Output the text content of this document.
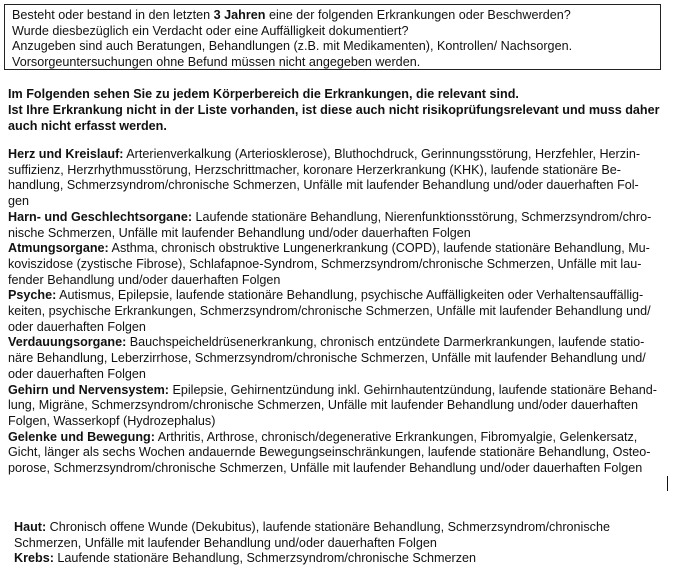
Besteht oder bestand in den letzten 3 Jahren eine der folgenden Erkrankungen oder Beschwerden?
Wurde diesbezüglich ein Verdacht oder eine Auffälligkeit dokumentiert?
Anzugeben sind auch Beratungen, Behandlungen (z.B. mit Medikamenten), Kontrollen/ Nachsorgen.
Vorsorgeuntersuchungen ohne Befund müssen nicht angegeben werden.
Im Folgenden sehen Sie zu jedem Körperbereich die Erkrankungen, die relevant sind.
Ist Ihre Erkrankung nicht in der Liste vorhanden, ist diese auch nicht risikoprüfungsrelevant und muss daher
auch nicht erfasst werden.
Herz und Kreislauf: Arterienverkalkung (Arteriosklerose), Bluthochdruck, Gerinnungsstörung, Herzfehler, Herzin-
suffizienz, Herzrhythmusstörung, Herzschrittmacher, koronare Herzerkrankung (KHK), laufende stationäre Be-
handlung, Schmerzsyndrom/chronische Schmerzen, Unfälle mit laufender Behandlung und/oder dauerhaften Fol-
gen
Harn- und Geschlechtsorgane: Laufende stationäre Behandlung, Nierenfunktionsstörung, Schmerzsyndrom/chro-
nische Schmerzen, Unfälle mit laufender Behandlung und/oder dauerhaften Folgen
Atmungsorgane: Asthma, chronisch obstruktive Lungenerkrankung (COPD), laufende stationäre Behandlung, Mu-
koviszidose (zystische Fibrose), Schlafapnoe-Syndrom, Schmerzsyndrom/chronische Schmerzen, Unfälle mit lau-
fender Behandlung und/oder dauerhaften Folgen
Psyche: Autismus, Epilepsie, laufende stationäre Behandlung, psychische Auffälligkeiten oder Verhaltensauffällig-
keiten, psychische Erkrankungen, Schmerzsyndrom/chronische Schmerzen, Unfälle mit laufender Behandlung und/
oder dauerhaften Folgen
Verdauungsorgane: Bauchspeicheldrüsenerkrankung, chronisch entzündete Darmerkrankungen, laufende statio-
näre Behandlung, Leberzirrhose, Schmerzsyndrom/chronische Schmerzen, Unfälle mit laufender Behandlung und/
oder dauerhaften Folgen
Gehirn und Nervensystem: Epilepsie, Gehirnentzündung inkl. Gehirnhautentzündung, laufende stationäre Behand-
lung, Migräne, Schmerzsyndrom/chronische Schmerzen, Unfälle mit laufender Behandlung und/oder dauerhaften
Folgen, Wasserkopf (Hydrozephalus)
Gelenke und Bewegung: Arthritis, Arthrose, chronisch/degenerative Erkrankungen, Fibromyalgie, Gelenkersatz,
Gicht, länger als sechs Wochen andauernde Bewegungseinschränkungen, laufende stationäre Behandlung, Osteo-
porose, Schmerzsyndrom/chronische Schmerzen, Unfälle mit laufender Behandlung und/oder dauerhaften Folgen
Haut: Chronisch offene Wunde (Dekubitus), laufende stationäre Behandlung, Schmerzsyndrom/chronische
Schmerzen, Unfälle mit laufender Behandlung und/oder dauerhaften Folgen
Krebs: Laufende stationäre Behandlung, Schmerzsyndrom/chronische Schmerzen
